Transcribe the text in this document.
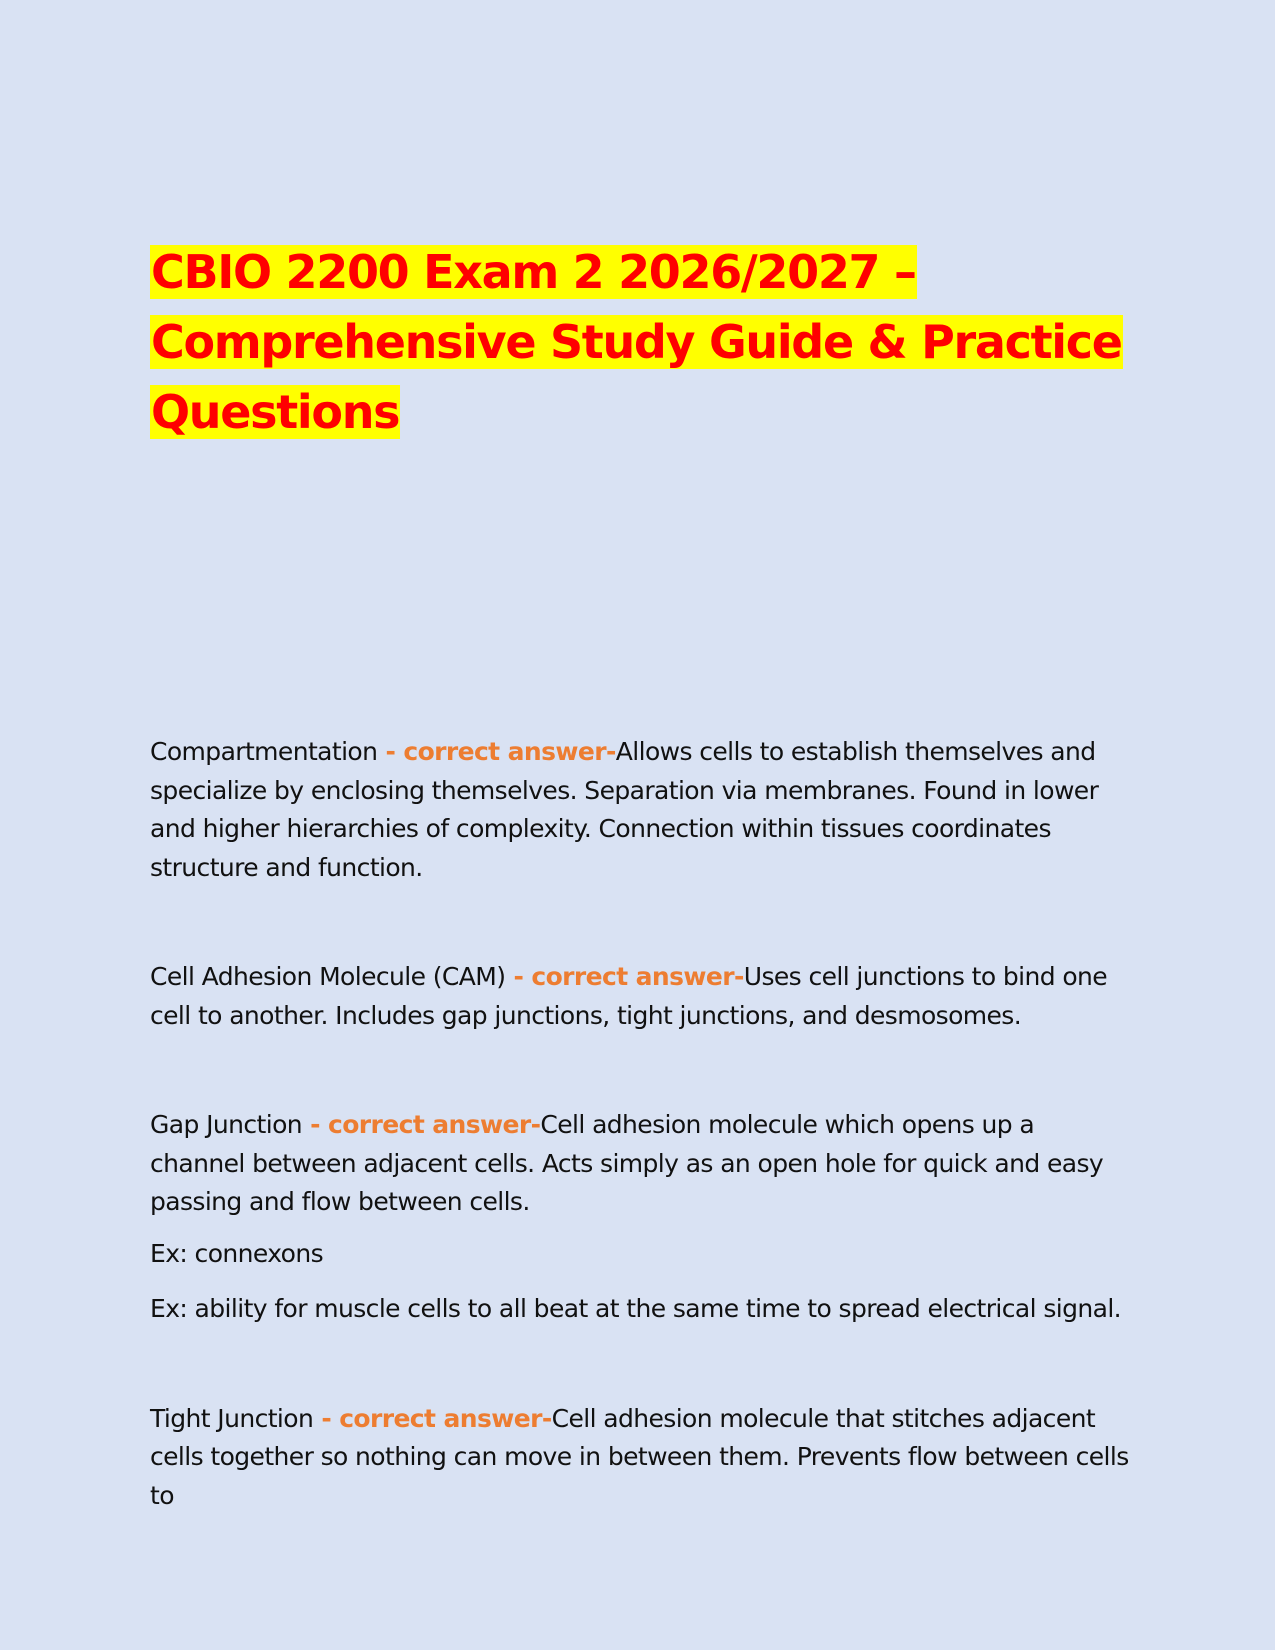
CBIO 2200 Exam 2 2026/2027 –
Comprehensive Study Guide & Practice
Questions

Compartmentation - correct answer-Allows cells to establish themselves and specialize by enclosing themselves. Separation via membranes. Found in lower and higher hierarchies of complexity. Connection within tissues coordinates structure and function.

Cell Adhesion Molecule (CAM) - correct answer-Uses cell junctions to bind one cell to another. Includes gap junctions, tight junctions, and desmosomes.

Gap Junction - correct answer-Cell adhesion molecule which opens up a channel between adjacent cells. Acts simply as an open hole for quick and easy passing and flow between cells.

Ex: connexons

Ex: ability for muscle cells to all beat at the same time to spread electrical signal.

Tight Junction - correct answer-Cell adhesion molecule that stitches adjacent cells together so nothing can move in between them. Prevents flow between cells to
